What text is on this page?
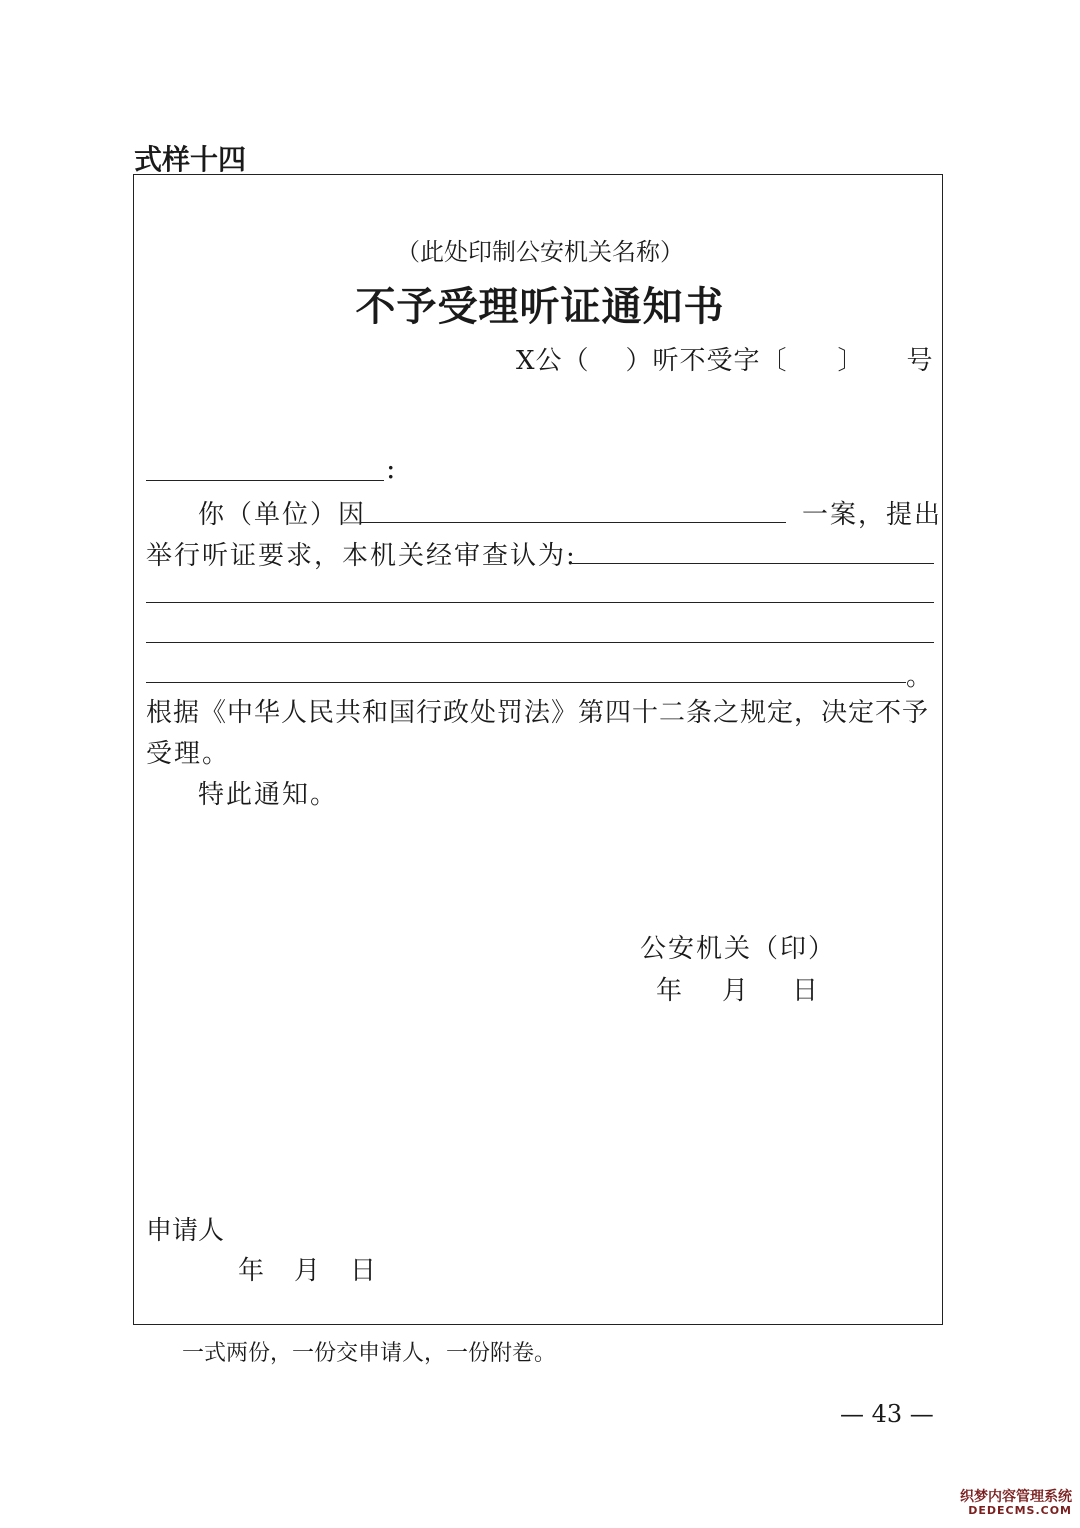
式样十四
（此处印制公安机关名称）
不予受理听证通知书
X公（ ）听不受字〔 〕 号
:
你（单位）因	一案，提出
举行听证要求，本机关经审查认为:
。
根据《中华人民共和国行政处罚法》第四十二条之规定，决定不予
受理。
特此通知。
公安机关（印）
年 月 日
申请人
年 月 日
一式两份，一份交申请人，一份附卷。
— 43 —
织梦内容管理系统
DEDECMS.COM
